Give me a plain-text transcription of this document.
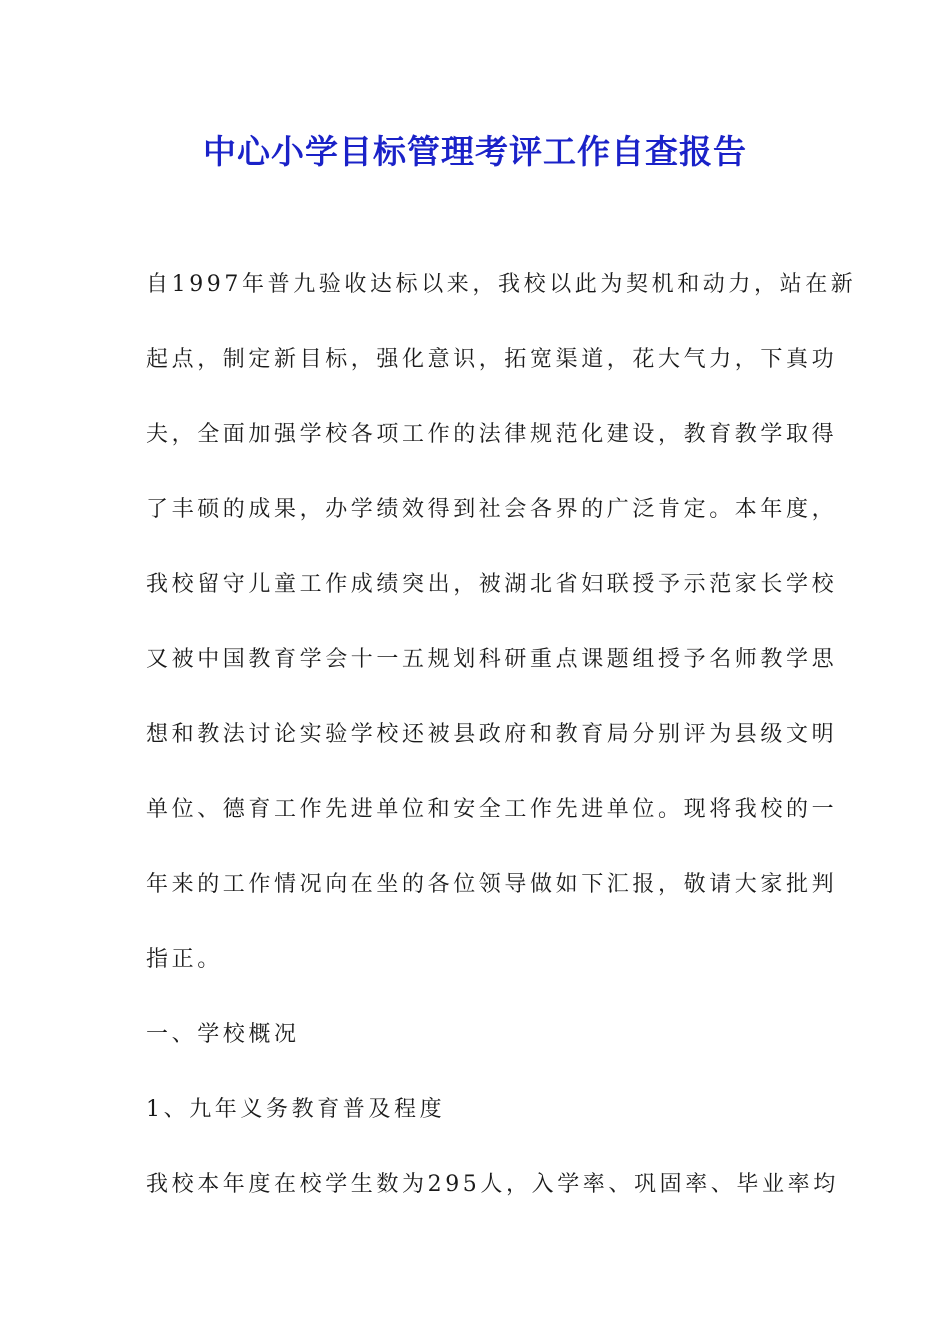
中心小学目标管理考评工作自查报告

自1997年普九验收达标以来，我校以此为契机和动力，站在新

起点，制定新目标，强化意识，拓宽渠道，花大气力，下真功

夫，全面加强学校各项工作的法律规范化建设，教育教学取得

了丰硕的成果，办学绩效得到社会各界的广泛肯定。本年度，

我校留守儿童工作成绩突出，被湖北省妇联授予示范家长学校

又被中国教育学会十一五规划科研重点课题组授予名师教学思

想和教法讨论实验学校还被县政府和教育局分别评为县级文明

单位、德育工作先进单位和安全工作先进单位。现将我校的一

年来的工作情况向在坐的各位领导做如下汇报，敬请大家批判

指正。

一、学校概况

1、九年义务教育普及程度

我校本年度在校学生数为295人，入学率、巩固率、毕业率均
